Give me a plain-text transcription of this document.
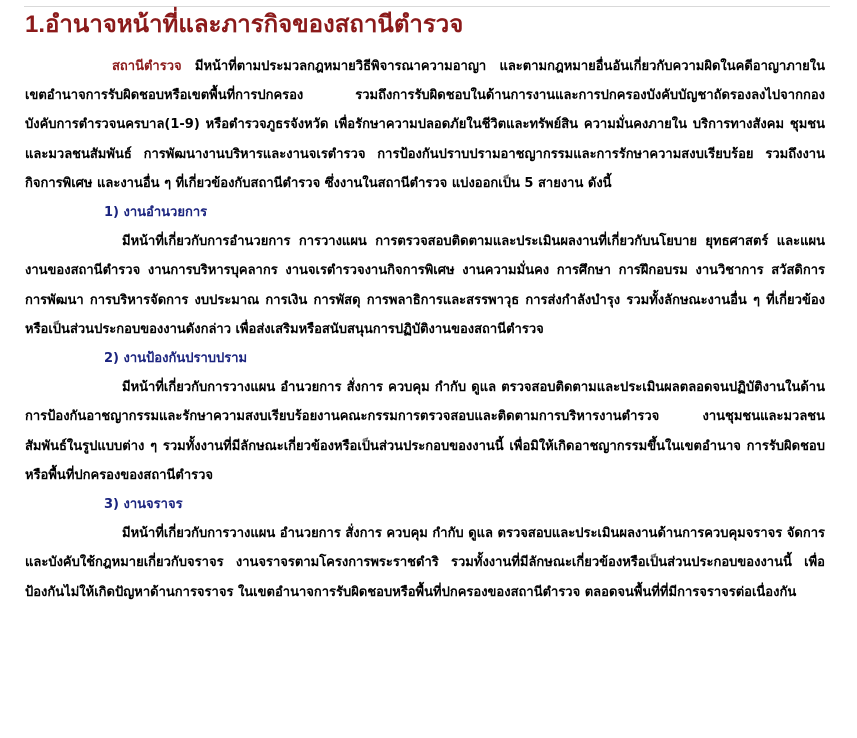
1.อำนาจหน้าที่และภารกิจของสถานีตำรวจ

สถานีตำรวจ มีหน้าที่ตามประมวลกฎหมายวิธีพิจารณาความอาญา และตามกฎหมายอื่นอันเกี่ยวกับความผิดในคดีอาญาภายในเขตอำนาจการรับผิดชอบหรือเขตพื้นที่การปกครอง รวมถึงการรับผิดชอบในด้านการงานและการปกครองบังคับบัญชาถัดรองลงไปจากกองบังคับการตำรวจนครบาล(1-9) หรือตำรวจภูธรจังหวัด เพื่อรักษาความปลอดภัยในชีวิตและทรัพย์สิน ความมั่นคงภายใน บริการทางสังคม ชุมชน และมวลชนสัมพันธ์ การพัฒนางานบริหารและงานจเรตำรวจ การป้องกันปราบปรามอาชญากรรมและการรักษาความสงบเรียบร้อย รวมถึงงานกิจการพิเศษ และงานอื่น ๆ ที่เกี่ยวข้องกับสถานีตำรวจ ซึ่งงานในสถานีตำรวจ แบ่งออกเป็น 5 สายงาน ดังนี้

1) งานอำนวยการ

มีหน้าที่เกี่ยวกับการอำนวยการ การวางแผน การตรวจสอบติดตามและประเมินผลงานที่เกี่ยวกับนโยบาย ยุทธศาสตร์ และแผนงานของสถานีตำรวจ งานการบริหารบุคลากร งานจเรตำรวจงานกิจการพิเศษ งานความมั่นคง การศึกษา การฝึกอบรม งานวิชาการ สวัสดิการ การพัฒนา การบริหารจัดการ งบประมาณ การเงิน การพัสดุ การพลาธิการและสรรพาวุธ การส่งกำลังบำรุง รวมทั้งลักษณะงานอื่น ๆ ที่เกี่ยวข้องหรือเป็นส่วนประกอบของงานดังกล่าว เพื่อส่งเสริมหรือสนับสนุนการปฏิบัติงานของสถานีตำรวจ

2) งานป้องกันปราบปราม

มีหน้าที่เกี่ยวกับการวางแผน อำนวยการ สั่งการ ควบคุม กำกับ ดูแล ตรวจสอบติดตามและประเมินผลตลอดจนปฏิบัติงานในด้านการป้องกันอาชญากรรมและรักษาความสงบเรียบร้อยงานคณะกรรมการตรวจสอบและติดตามการบริหารงานตำรวจ งานชุมชนและมวลชนสัมพันธ์ในรูปแบบต่าง ๆ รวมทั้งงานที่มีลักษณะเกี่ยวข้องหรือเป็นส่วนประกอบของงานนี้ เพื่อมิให้เกิดอาชญากรรมขึ้นในเขตอำนาจ การรับผิดชอบหรือพื้นที่ปกครองของสถานีตำรวจ

3) งานจราจร

มีหน้าที่เกี่ยวกับการวางแผน อำนวยการ สั่งการ ควบคุม กำกับ ดูแล ตรวจสอบและประเมินผลงานด้านการควบคุมจราจร จัดการและบังคับใช้กฎหมายเกี่ยวกับจราจร งานจราจรตามโครงการพระราชดำริ รวมทั้งงานที่มีลักษณะเกี่ยวข้องหรือเป็นส่วนประกอบของงานนี้ เพื่อป้องกันไม่ให้เกิดปัญหาด้านการจราจร ในเขตอำนาจการรับผิดชอบหรือพื้นที่ปกครองของสถานีตำรวจ ตลอดจนพื้นที่ที่มีการจราจรต่อเนื่องกัน
